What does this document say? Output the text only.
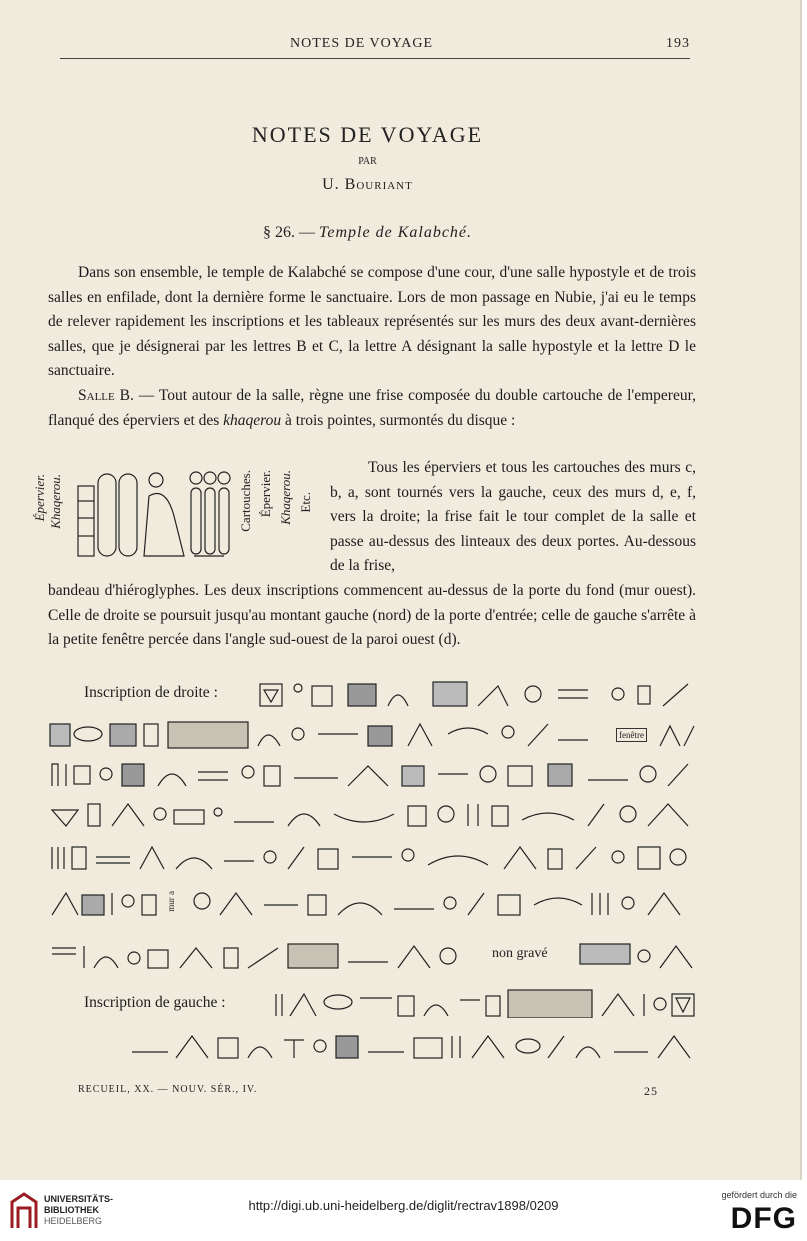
NOTES DE VOYAGE	193
NOTES DE VOYAGE
PAR
U. Bouriant
§ 26. — Temple de Kalabché.
Dans son ensemble, le temple de Kalabché se compose d'une cour, d'une salle hypostyle et de trois salles en enfilade, dont la dernière forme le sanctuaire. Lors de mon passage en Nubie, j'ai eu le temps de relever rapidement les inscriptions et les tableaux représentés sur les murs des deux avant-dernières salles, que je désignerai par les lettres B et C, la lettre A désignant la salle hypostyle et la lettre D le sanctuaire.
Salle B. — Tout autour de la salle, règne une frise composée du double cartouche de l'empereur, flanqué des éperviers et des khaqerou à trois pointes, surmontés du disque :
Épervier. Khaqerou.	Cartouches. Épervier. Khaqerou. Etc.
Tous les éperviers et tous les cartouches des murs c, b, a, sont tournés vers la gauche, ceux des murs d, e, f, vers la droite; la frise fait le tour complet de la salle et passe au-dessus des linteaux des deux portes. Au-dessous de la frise,
bandeau d'hiéroglyphes. Les deux inscriptions commencent au-dessus de la porte du fond (mur ouest). Celle de droite se poursuit jusqu'au montant gauche (nord) de la porte d'entrée; celle de gauche s'arrête à la petite fenêtre percée dans l'angle sud-ouest de la paroi ouest (d).
Inscription de droite :
fenêtre
mur a
non gravé
Inscription de gauche :
RECUEIL, XX. — NOUV. SÉR., IV.	25
UNIVERSITÄTS-
BIBLIOTHEK
HEIDELBERG
http://digi.ub.uni-heidelberg.de/diglit/rectrav1898/0209
gefördert durch die
DFG
